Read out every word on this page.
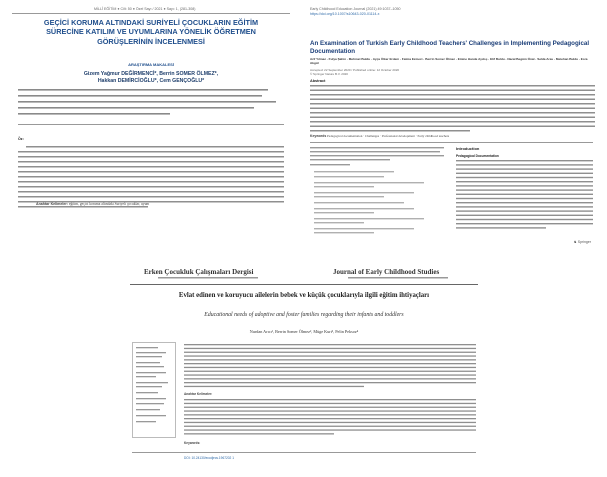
MİLLÎ EĞİTİM ● Cilt: 50 ● Özel Sayı / 2021 ● Sayı: 1, (281-308)
GEÇİCİ KORUMA ALTINDAKİ SURİYELİ ÇOCUKLARIN EĞİTİM SÜRECİNE KATILIM VE UYUMLARINA YÖNELİK ÖĞRETMEN GÖRÜŞLERİNİN İNCELENMESİ
ARAŞTIRMA MAKALESİ
Gizem Yağmur DEĞİRMENCİ*, Berrin SOMER ÖLMEZ*,
Hakkan DEMİRCİOĞLU*, Cem GENÇOĞLU*
Öz:
Anahtar Kelimeler: eğitim, geçici koruma altındaki Suriyeli çocuklar, uyum
Early Childhood Education Journal (2021) 49:1037–1050
https://doi.org/10.1007/s10643-020-01114-x
An Examination of Turkish Early Childhood Teachers' Challenges in Implementing Pedagogical Documentation
Arif Yılmaz · Fulya Şahin · Mehmet Buldu · Ayça Ülker Erdem · Fatma Ezmeci · Berrin Somer Ölmez · Emine Hande Aydoş · Elif Buldu · Nazal Begüm Önal · Selda Aras · Metehan Buldu · Esra Akgül
Accepted: 22 September 2020 / Published online: 12 October 2020
© Springer Nature B.V. 2020
Abstract
Keywords Pedagogical documentation · Challenges · Professional development · Early childhood teachers
Introduction
Pedagogical Documentation
♞ Springer
Erken Çocukluk Çalışmaları Dergisi	Journal of Early Childhood Studies
Evlat edinen ve koruyucu ailelerin bebek ve küçük çocuklarıyla ilgili eğitim ihtiyaçları
Educational needs of adoptive and foster families regarding their infants and toddlers
Nurdan Arıcı¹, Berrin Somer Ölmez², Müge Kurt³, Pelin Peksoz⁴
Anahtar Kelimeler:
Keywords:
DOI: 10.24130/eccdjecs.1967202 1
